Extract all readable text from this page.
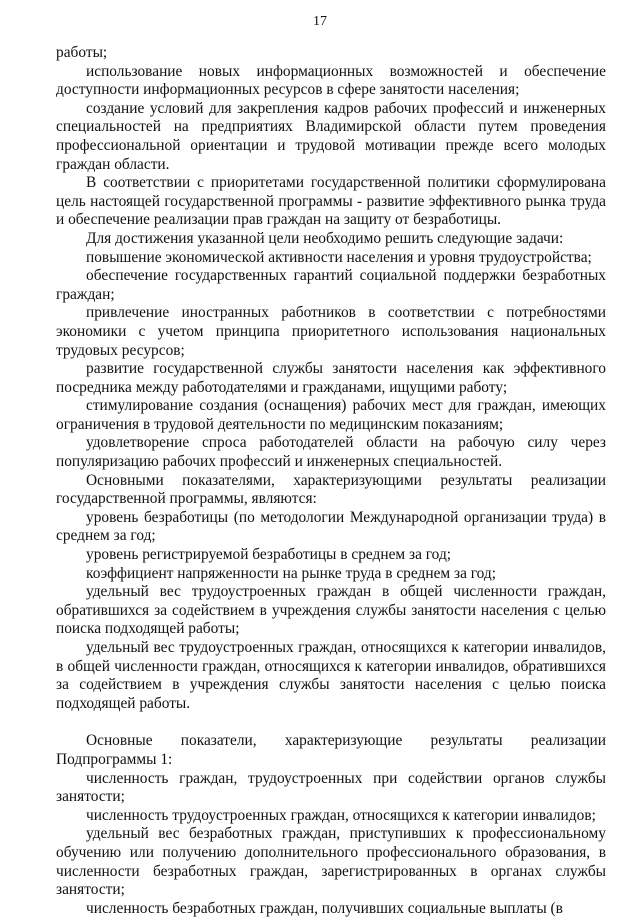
17

работы;

использование новых информационных возможностей и обеспечение доступности информационных ресурсов в сфере занятости населения;

создание условий для закрепления кадров рабочих профессий и инженерных специальностей на предприятиях Владимирской области путем проведения профессиональной ориентации и трудовой мотивации прежде всего молодых граждан области.

В соответствии с приоритетами государственной политики сформулирована цель настоящей государственной программы - развитие эффективного рынка труда и обеспечение реализации прав граждан на защиту от безработицы.

Для достижения указанной цели необходимо решить следующие задачи:

повышение экономической активности населения и уровня трудоустройства;

обеспечение государственных гарантий социальной поддержки безработных граждан;

привлечение иностранных работников в соответствии с потребностями экономики с учетом принципа приоритетного использования национальных трудовых ресурсов;

развитие государственной службы занятости населения как эффективного посредника между работодателями и гражданами, ищущими работу;

стимулирование создания (оснащения) рабочих мест для граждан, имеющих ограничения в трудовой деятельности по медицинским показаниям;

удовлетворение спроса работодателей области на рабочую силу через популяризацию рабочих профессий и инженерных специальностей.

Основными показателями, характеризующими результаты реализации государственной программы, являются:

уровень безработицы (по методологии Международной организации труда) в среднем за год;

уровень регистрируемой безработицы в среднем за год;

коэффициент напряженности на рынке труда в среднем за год;

удельный вес трудоустроенных граждан в общей численности граждан, обратившихся за содействием в учреждения службы занятости населения с целью поиска подходящей работы;

удельный вес трудоустроенных граждан, относящихся к категории инвалидов, в общей численности граждан, относящихся к категории инвалидов, обратившихся за содействием в учреждения службы занятости населения с целью поиска подходящей работы.

Основные показатели, характеризующие результаты реализации Подпрограммы 1:

численность граждан, трудоустроенных при содействии органов службы занятости;

численность трудоустроенных граждан, относящихся к категории инвалидов;

удельный вес безработных граждан, приступивших к профессиональному обучению или получению дополнительного профессионального образования, в численности безработных граждан, зарегистрированных в органах службы занятости;

численность безработных граждан, получивших социальные выплаты (в
